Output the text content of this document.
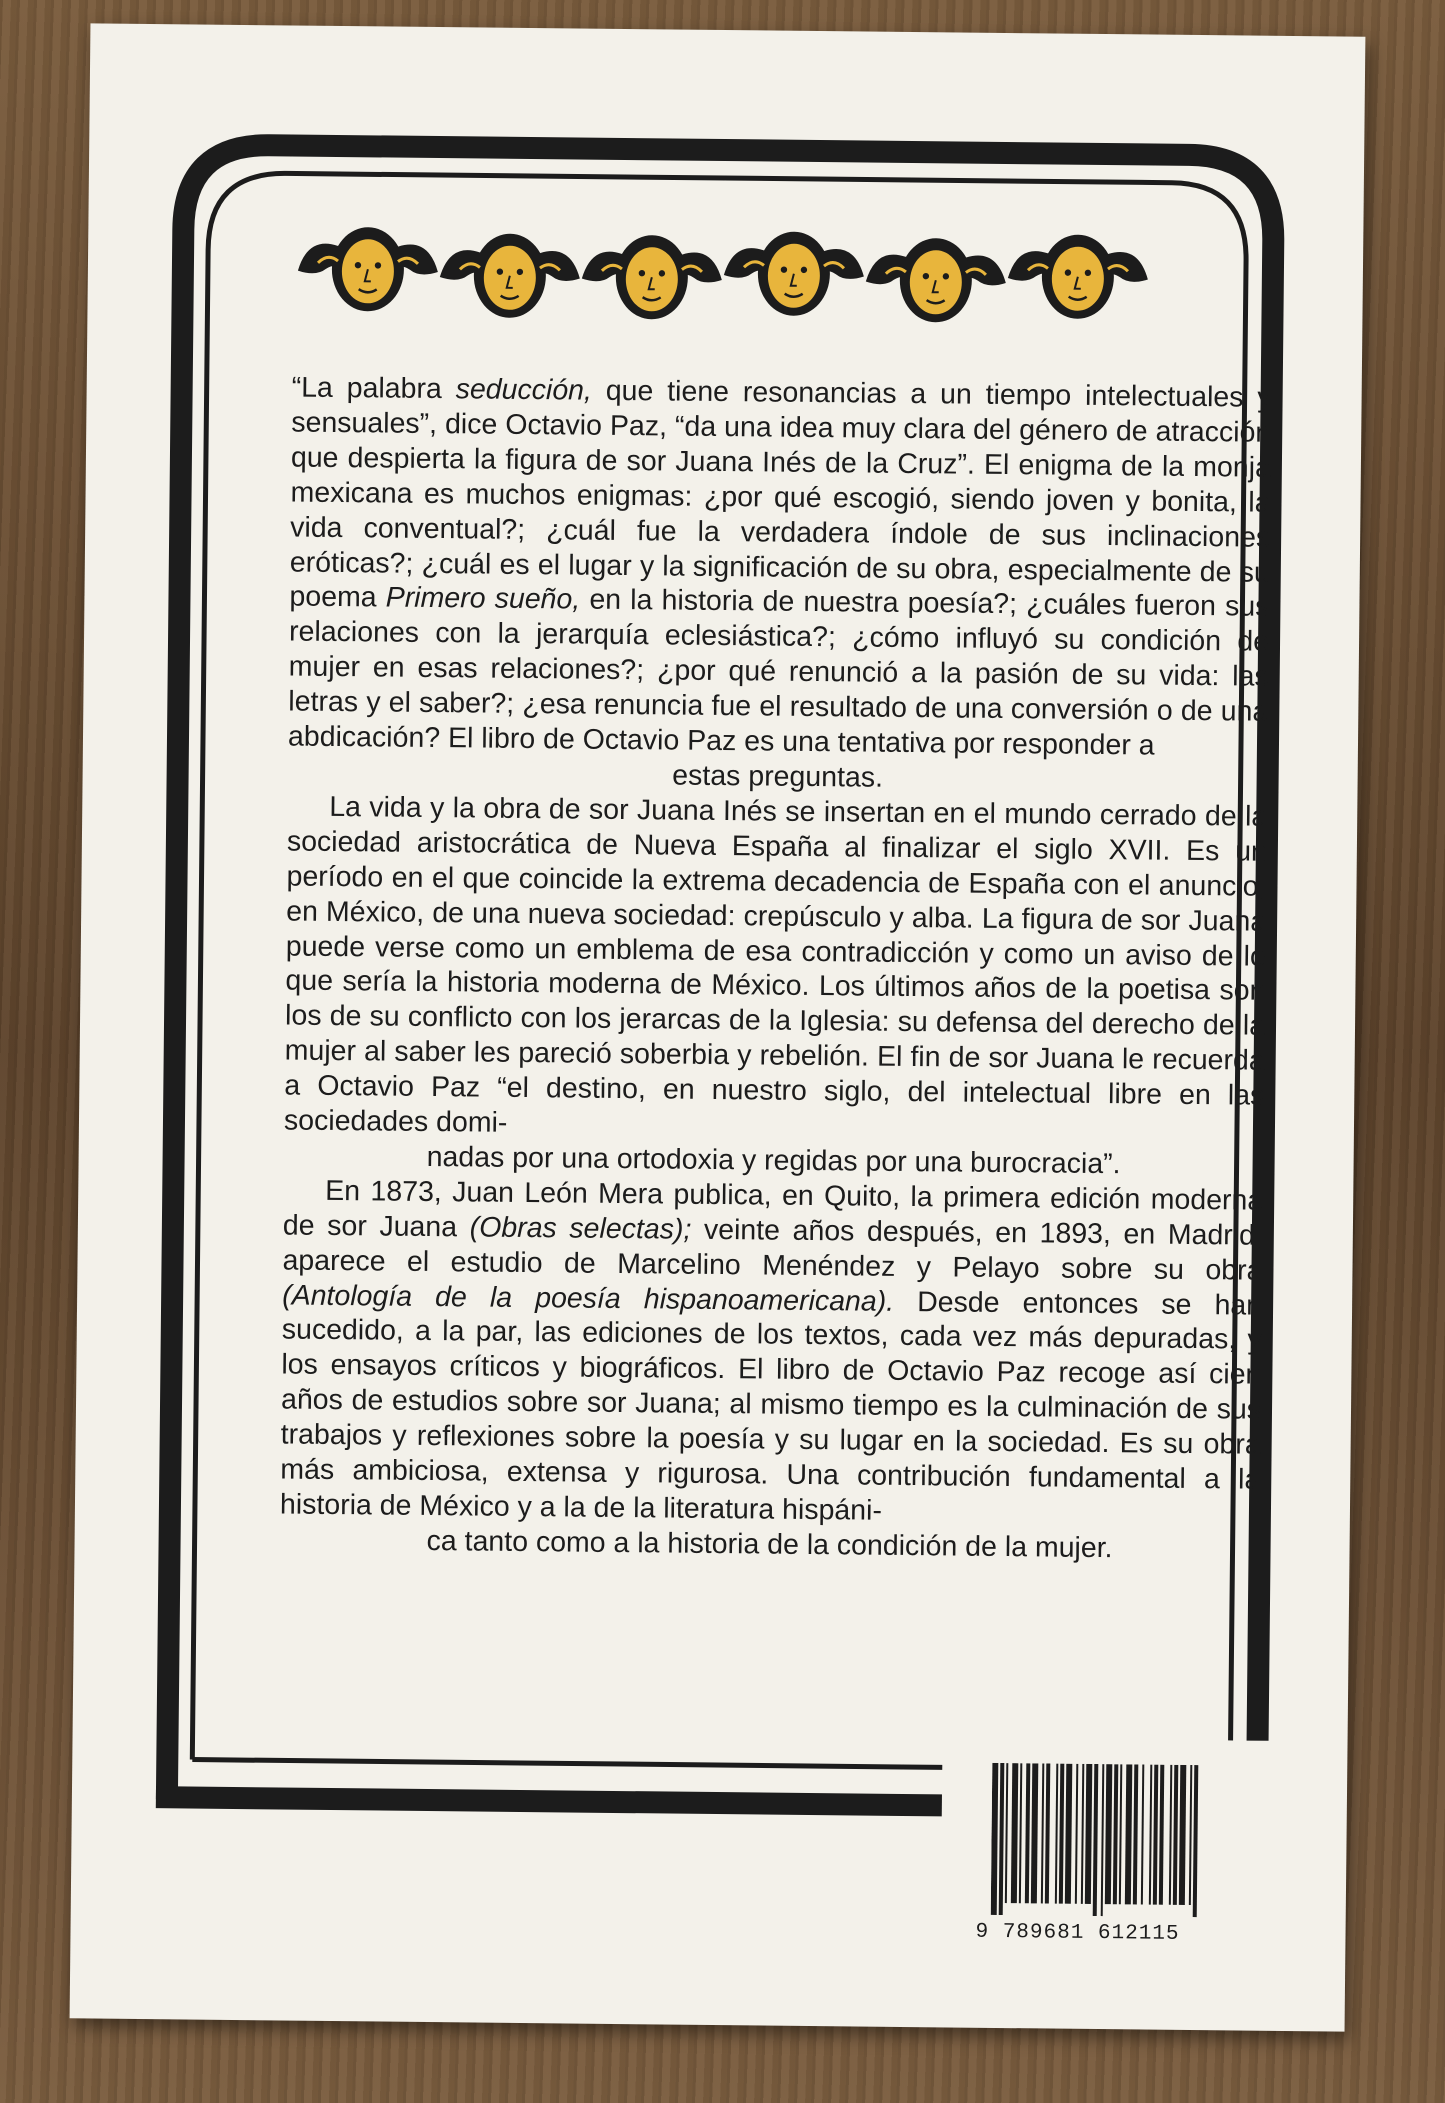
“La palabra seducción, que tiene resonancias a un tiempo intelectuales y sensuales”, dice Octavio Paz, “da una idea muy clara del género de atracción que despierta la figura de sor Juana Inés de la Cruz”. El enigma de la monja mexicana es muchos enigmas: ¿por qué escogió, siendo joven y bonita, la vida conventual?; ¿cuál fue la verdadera índole de sus inclinaciones eróticas?; ¿cuál es el lugar y la significación de su obra, especialmente de su poema Primero sueño, en la historia de nuestra poesía?; ¿cuáles fueron sus relaciones con la jerarquía eclesiástica?; ¿cómo influyó su condición de mujer en esas relaciones?; ¿por qué renunció a la pasión de su vida: las letras y el saber?; ¿esa renuncia fue el resultado de una conversión o de una abdicación? El libro de Octavio Paz es una tentativa por responder a
estas preguntas.

La vida y la obra de sor Juana Inés se insertan en el mundo cerrado de la sociedad aristocrática de Nueva España al finalizar el siglo XVII. Es un período en el que coincide la extrema decadencia de España con el anuncio, en México, de una nueva sociedad: crepúsculo y alba. La figura de sor Juana puede verse como un emblema de esa contradicción y como un aviso de lo que sería la historia moderna de México. Los últimos años de la poetisa son los de su conflicto con los jerarcas de la Iglesia: su defensa del derecho de la mujer al saber les pareció soberbia y rebelión. El fin de sor Juana le recuerda a Octavio Paz “el destino, en nuestro siglo, del intelectual libre en las sociedades domi-
nadas por una ortodoxia y regidas por una burocracia”.

En 1873, Juan León Mera publica, en Quito, la primera edición moderna de sor Juana (Obras selectas); veinte años después, en 1893, en Madrid, aparece el estudio de Marcelino Menéndez y Pelayo sobre su obra (Antología de la poesía hispanoamericana). Desde entonces se han sucedido, a la par, las ediciones de los textos, cada vez más depuradas, y los ensayos críticos y biográficos. El libro de Octavio Paz recoge así cien años de estudios sobre sor Juana; al mismo tiempo es la culminación de sus trabajos y reflexiones sobre la poesía y su lugar en la sociedad. Es su obra más ambiciosa, extensa y rigurosa. Una contribución fundamental a la historia de México y a la de la literatura hispáni-
ca tanto como a la historia de la condición de la mujer.

9 789681 612115
